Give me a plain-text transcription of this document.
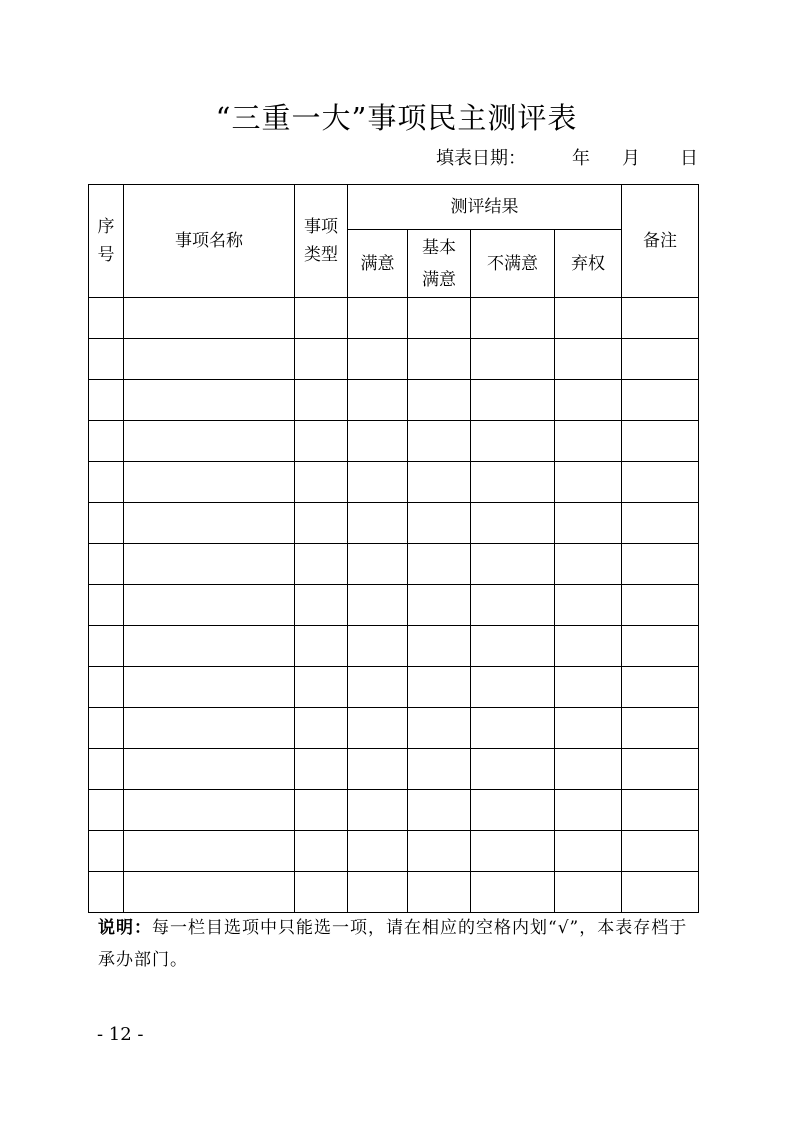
“三重一大”事项民主测评表
填表日期：	年 月 日
序号	事项名称	事项类型	测评结果				备注
			满意	基本满意	不满意	弃权	

说明：每一栏目选项中只能选一项，请在相应的空格内划“√”，本表存档于承办部门。
- 12 -
